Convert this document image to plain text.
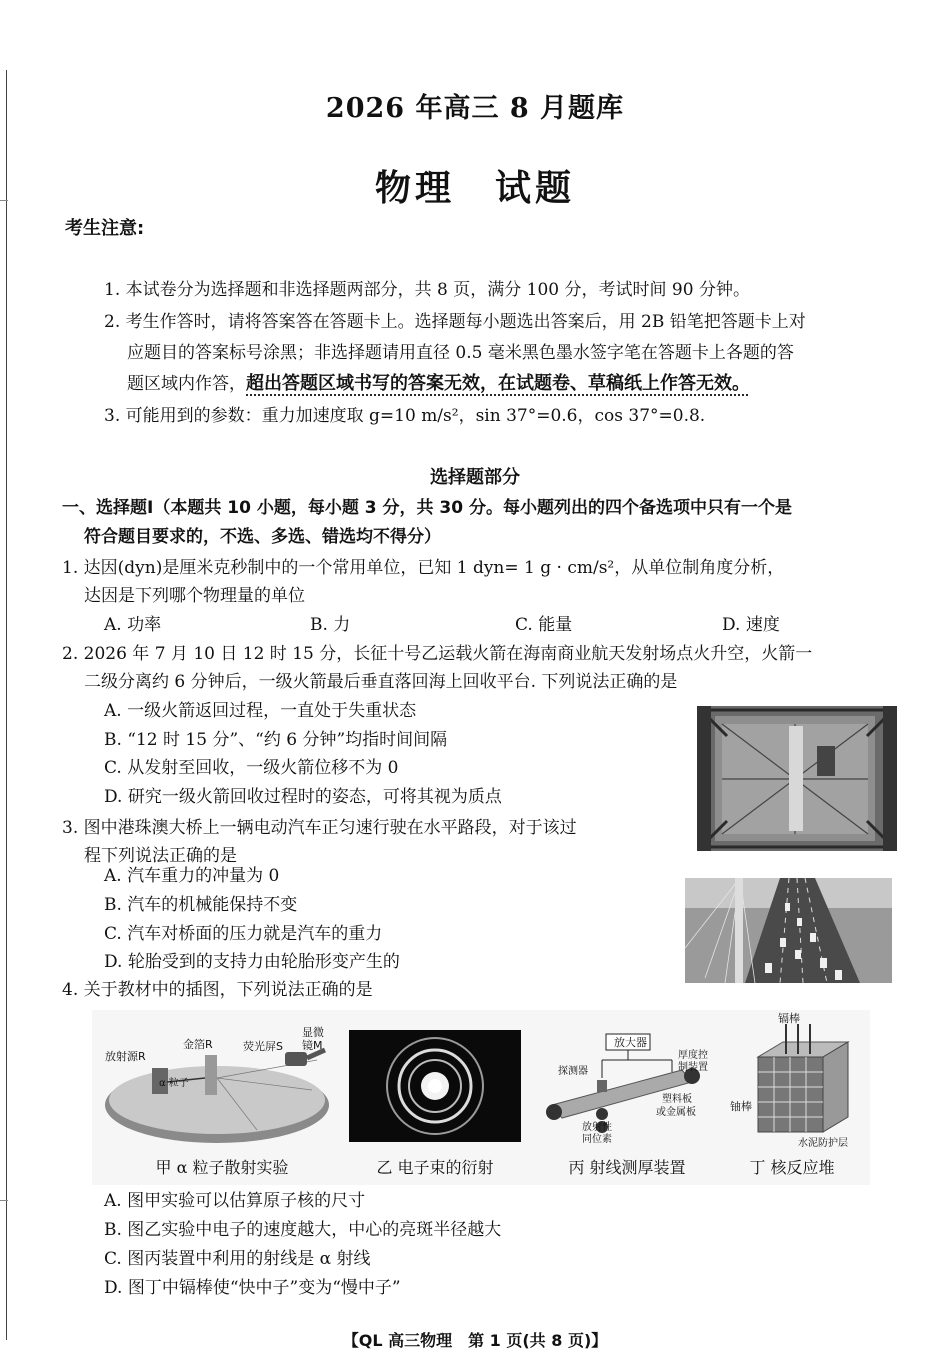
2026 年高三 8 月题库
物理　试题
考生注意:
1. 本试卷分为选择题和非选择题两部分，共 8 页，满分 100 分，考试时间 90 分钟。
2. 考生作答时，请将答案答在答题卡上。选择题每小题选出答案后，用 2B 铅笔把答题卡上对
应题目的答案标号涂黑；非选择题请用直径 0.5 毫米黑色墨水签字笔在答题卡上各题的答
题区域内作答，超出答题区域书写的答案无效，在试题卷、草稿纸上作答无效。
3. 可能用到的参数：重力加速度取 g=10 m/s²，sin 37°=0.6，cos 37°=0.8.
选择题部分
一、选择题Ⅰ（本题共 10 小题，每小题 3 分，共 30 分。每小题列出的四个备选项中只有一个是
符合题目要求的，不选、多选、错选均不得分）
1. 达因(dyn)是厘米克秒制中的一个常用单位，已知 1 dyn= 1 g · cm/s²，从单位制角度分析，
达因是下列哪个物理量的单位
A. 功率	B. 力	C. 能量	D. 速度
2. 2026 年 7 月 10 日 12 时 15 分，长征十号乙运载火箭在海南商业航天发射场点火升空，火箭一
二级分离约 6 分钟后，一级火箭最后垂直落回海上回收平台. 下列说法正确的是
A. 一级火箭返回过程，一直处于失重状态
B. “12 时 15 分”、“约 6 分钟”均指时间间隔
C. 从发射至回收，一级火箭位移不为 0
D. 研究一级火箭回收过程时的姿态，可将其视为质点
3. 图中港珠澳大桥上一辆电动汽车正匀速行驶在水平路段，对于该过
程下列说法正确的是
A. 汽车重力的冲量为 0
B. 汽车的机械能保持不变
C. 汽车对桥面的压力就是汽车的重力
D. 轮胎受到的支持力由轮胎形变产生的
4. 关于教材中的插图，下列说法正确的是
放射源R
金箔R	荧光屏S
显微
镜M
α 粒子
放大器
探测器
厚度控
制装置
塑料板
或金属板
放射性
同位素
镉棒
铀棒
水泥防护层
甲 α 粒子散射实验	乙 电子束的衍射	丙 射线测厚装置	丁 核反应堆
A. 图甲实验可以估算原子核的尺寸
B. 图乙实验中电子的速度越大，中心的亮斑半径越大
C. 图丙装置中利用的射线是 α 射线
D. 图丁中镉棒使“快中子”变为“慢中子”
【QL 高三物理　第 1 页(共 8 页)】
